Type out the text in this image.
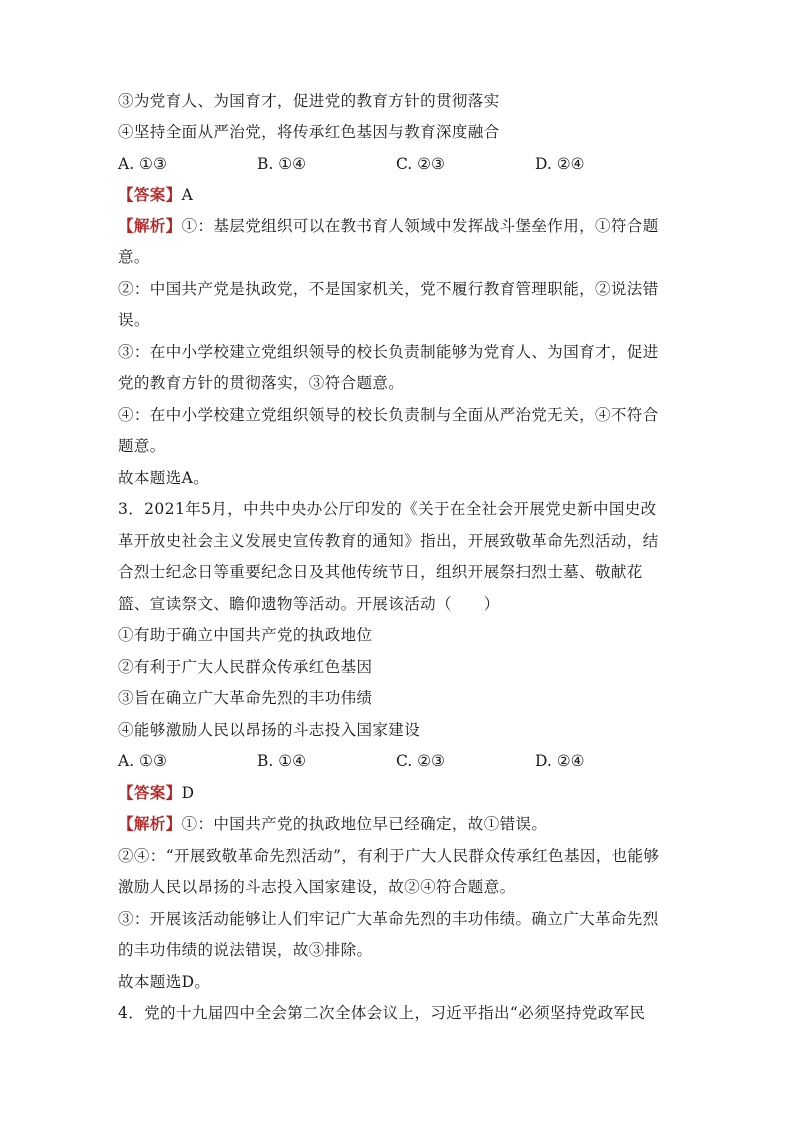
③为党育人、为国育才，促进党的教育方针的贯彻落实
④坚持全面从严治党，将传承红色基因与教育深度融合
A. ①③	B. ①④	C. ②③	D. ②④
【答案】A
【解析】①：基层党组织可以在教书育人领域中发挥战斗堡垒作用，①符合题
意。
②：中国共产党是执政党，不是国家机关，党不履行教育管理职能，②说法错
误。
③：在中小学校建立党组织领导的校长负责制能够为党育人、为国育才，促进
党的教育方针的贯彻落实，③符合题意。
④：在中小学校建立党组织领导的校长负责制与全面从严治党无关，④不符合
题意。
故本题选A。
3．2021年5月，中共中央办公厅印发的《关于在全社会开展党史新中国史改
革开放史社会主义发展史宣传教育的通知》指出，开展致敬革命先烈活动，结
合烈士纪念日等重要纪念日及其他传统节日，组织开展祭扫烈士墓、敬献花
篮、宣读祭文、瞻仰遗物等活动。开展该活动（　　）
①有助于确立中国共产党的执政地位
②有利于广大人民群众传承红色基因
③旨在确立广大革命先烈的丰功伟绩
④能够激励人民以昂扬的斗志投入国家建设
A. ①③	B. ①④	C. ②③	D. ②④
【答案】D
【解析】①：中国共产党的执政地位早已经确定，故①错误。
②④：“开展致敬革命先烈活动”，有利于广大人民群众传承红色基因，也能够
激励人民以昂扬的斗志投入国家建设，故②④符合题意。
③：开展该活动能够让人们牢记广大革命先烈的丰功伟绩。确立广大革命先烈
的丰功伟绩的说法错误，故③排除。
故本题选D。
4．党的十九届四中全会第二次全体会议上，习近平指出“必须坚持党政军民
